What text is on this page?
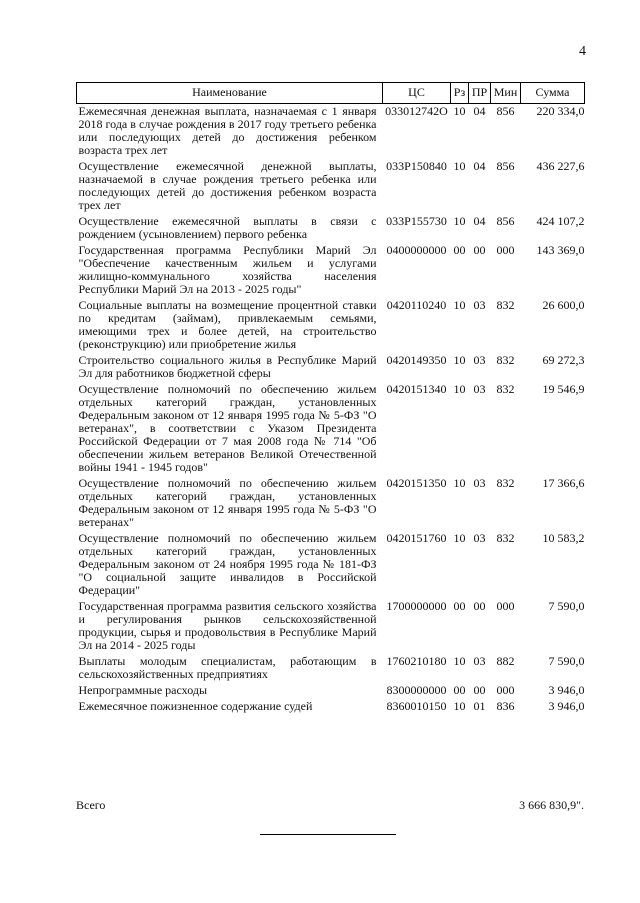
4
Наименование	ЦС	Рз	ПР	Мин	Сумма
Ежемесячная денежная выплата, назначаемая с 1 января 2018 года в случае рождения в 2017 году третьего ребенка или последующих детей до достижения ребенком возраста трех лет	033012742О	10	04	856	220 334,0
Осуществление ежемесячной денежной выплаты, назначаемой в случае рождения третьего ребенка или последующих детей до достижения ребенком возраста трех лет	033Р150840	10	04	856	436 227,6
Осуществление ежемесячной выплаты в связи с рождением (усыновлением) первого ребенка	033Р155730	10	04	856	424 107,2
Государственная программа Республики Марий Эл "Обеспечение качественным жильем и услугами жилищно-коммунального хозяйства населения Республики Марий Эл на 2013 - 2025 годы"	0400000000	00	00	000	143 369,0
Социальные выплаты на возмещение процентной ставки по кредитам (займам), привлекаемым семьями, имеющими трех и более детей, на строительство (реконструкцию) или приобретение жилья	0420110240	10	03	832	26 600,0
Строительство социального жилья в Республике Марий Эл для работников бюджетной сферы	0420149350	10	03	832	69 272,3
Осуществление полномочий по обеспечению жильем отдельных категорий граждан, установленных Федеральным законом от 12 января 1995 года № 5-ФЗ "О ветеранах", в соответствии с Указом Президента Российской Федерации от 7 мая 2008 года № 714 "Об обеспечении жильем ветеранов Великой Отечественной войны 1941 - 1945 годов"	0420151340	10	03	832	19 546,9
Осуществление полномочий по обеспечению жильем отдельных категорий граждан, установленных Федеральным законом от 12 января 1995 года № 5-ФЗ "О ветеранах"	0420151350	10	03	832	17 366,6
Осуществление полномочий по обеспечению жильем отдельных категорий граждан, установленных Федеральным законом от 24 ноября 1995 года № 181-ФЗ "О социальной защите инвалидов в Российской Федерации"	0420151760	10	03	832	10 583,2
Государственная программа развития сельского хозяйства и регулирования рынков сельскохозяйственной продукции, сырья и продовольствия в Республике Марий Эл на 2014 - 2025 годы	1700000000	00	00	000	7 590,0
Выплаты молодым специалистам, работающим в сельскохозяйственных предприятиях	1760210180	10	03	882	7 590,0
Непрограммные расходы	8300000000	00	00	000	3 946,0
Ежемесячное пожизненное содержание судей	8360010150	10	01	836	3 946,0
Всего	3 666 830,9".
